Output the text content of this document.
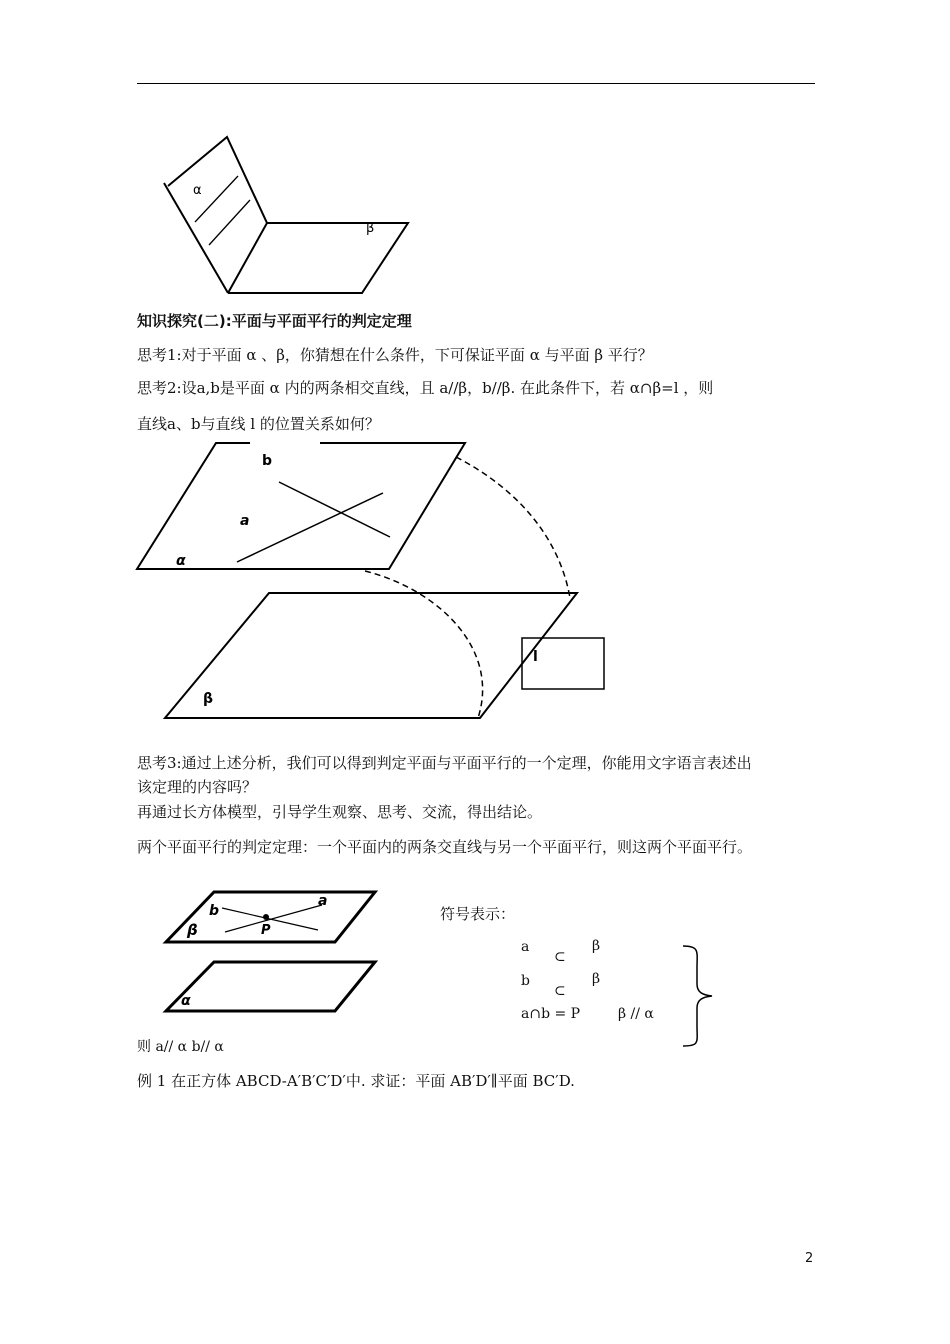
α
β
知识探究(二):平面与平面平行的判定定理
思考1:对于平面 α 、β，你猜想在什么条件，下可保证平面 α 与平面 β 平行？
思考2:设a,b是平面 α 内的两条相交直线，且 a//β，b//β. 在此条件下，若 α∩β=l ，则
直线a、b与直线 l 的位置关系如何？
b
a
α
β
l
思考3:通过上述分析，我们可以得到判定平面与平面平行的一个定理，你能用文字语言表述出
该定理的内容吗？
再通过长方体模型，引导学生观察、思考、交流，得出结论。
两个平面平行的判定定理：一个平面内的两条交直线与另一个平面平行，则这两个平面平行。
b
a
β	P
α
符号表示：
a
⊂
β
b
⊂
β
a∩b = P	β // α
则 a// α b// α
例 1 在正方体 ABCD-A′B′C′D′中. 求证：平面 AB′D′∥平面 BC′D.
2
